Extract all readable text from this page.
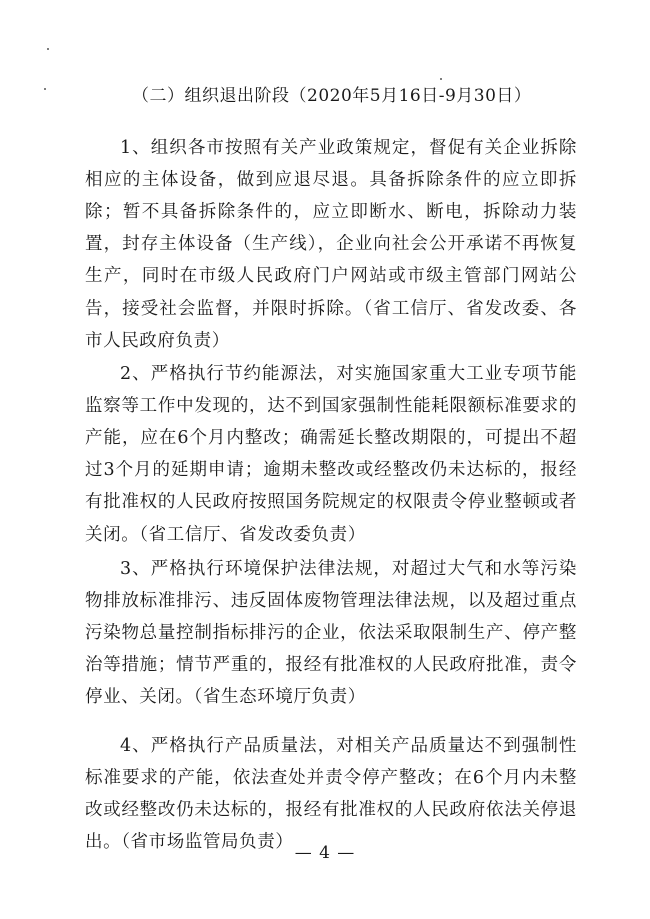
（二）组织退出阶段（2020年5月16日-9月30日）

1、组织各市按照有关产业政策规定，督促有关企业拆除相应的主体设备，做到应退尽退。具备拆除条件的应立即拆除；暂不具备拆除条件的，应立即断水、断电，拆除动力装置，封存主体设备（生产线），企业向社会公开承诺不再恢复生产，同时在市级人民政府门户网站或市级主管部门网站公告，接受社会监督，并限时拆除。（省工信厅、省发改委、各市人民政府负责）

2、严格执行节约能源法，对实施国家重大工业专项节能监察等工作中发现的，达不到国家强制性能耗限额标准要求的产能，应在6个月内整改；确需延长整改期限的，可提出不超过3个月的延期申请；逾期未整改或经整改仍未达标的，报经有批准权的人民政府按照国务院规定的权限责令停业整顿或者关闭。（省工信厅、省发改委负责）

3、严格执行环境保护法律法规，对超过大气和水等污染物排放标准排污、违反固体废物管理法律法规，以及超过重点污染物总量控制指标排污的企业，依法采取限制生产、停产整治等措施；情节严重的，报经有批准权的人民政府批准，责令停业、关闭。（省生态环境厅负责）

4、严格执行产品质量法，对相关产品质量达不到强制性标准要求的产能，依法查处并责令停产整改；在6个月内未整改或经整改仍未达标的，报经有批准权的人民政府依法关停退出。（省市场监管局负责）

— 4 —
